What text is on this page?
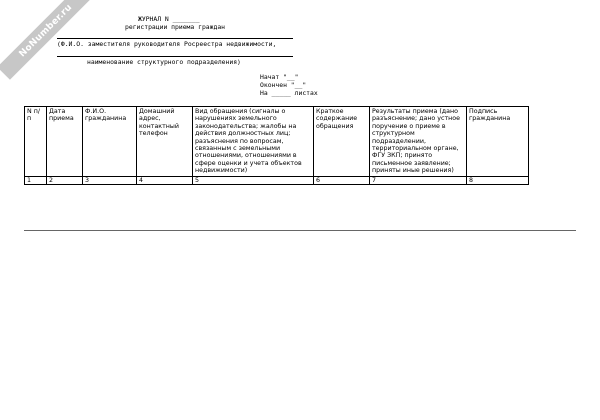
NoNumber.ru	ЖУРНАЛ N _______
регистрации приема граждан
(Ф.И.О. заместителя руководителя Росреестра недвижимости,
наименование структурного подразделения)
Начат "__"
Окончен "__"
На _____ листах
N п/п	Дата приема	Ф.И.О. гражданина	Домашний адрес, контактный телефон	Вид обращения (сигналы о нарушениях земельного законодательства; жалобы на действия должностных лиц; разъяснения по вопросам, связанным с земельными отношениями, отношениями в сфере оценки и учета объектов недвижимости)	Краткое содержание обращения	Результаты приема (дано разъяснение; дано устное поручение о приеме в структурном подразделении, территориальном органе, ФГУ ЗКП; принято письменное заявление; приняты иные решения)	Подпись гражданина
1	2	3	4	5	6	7	8
